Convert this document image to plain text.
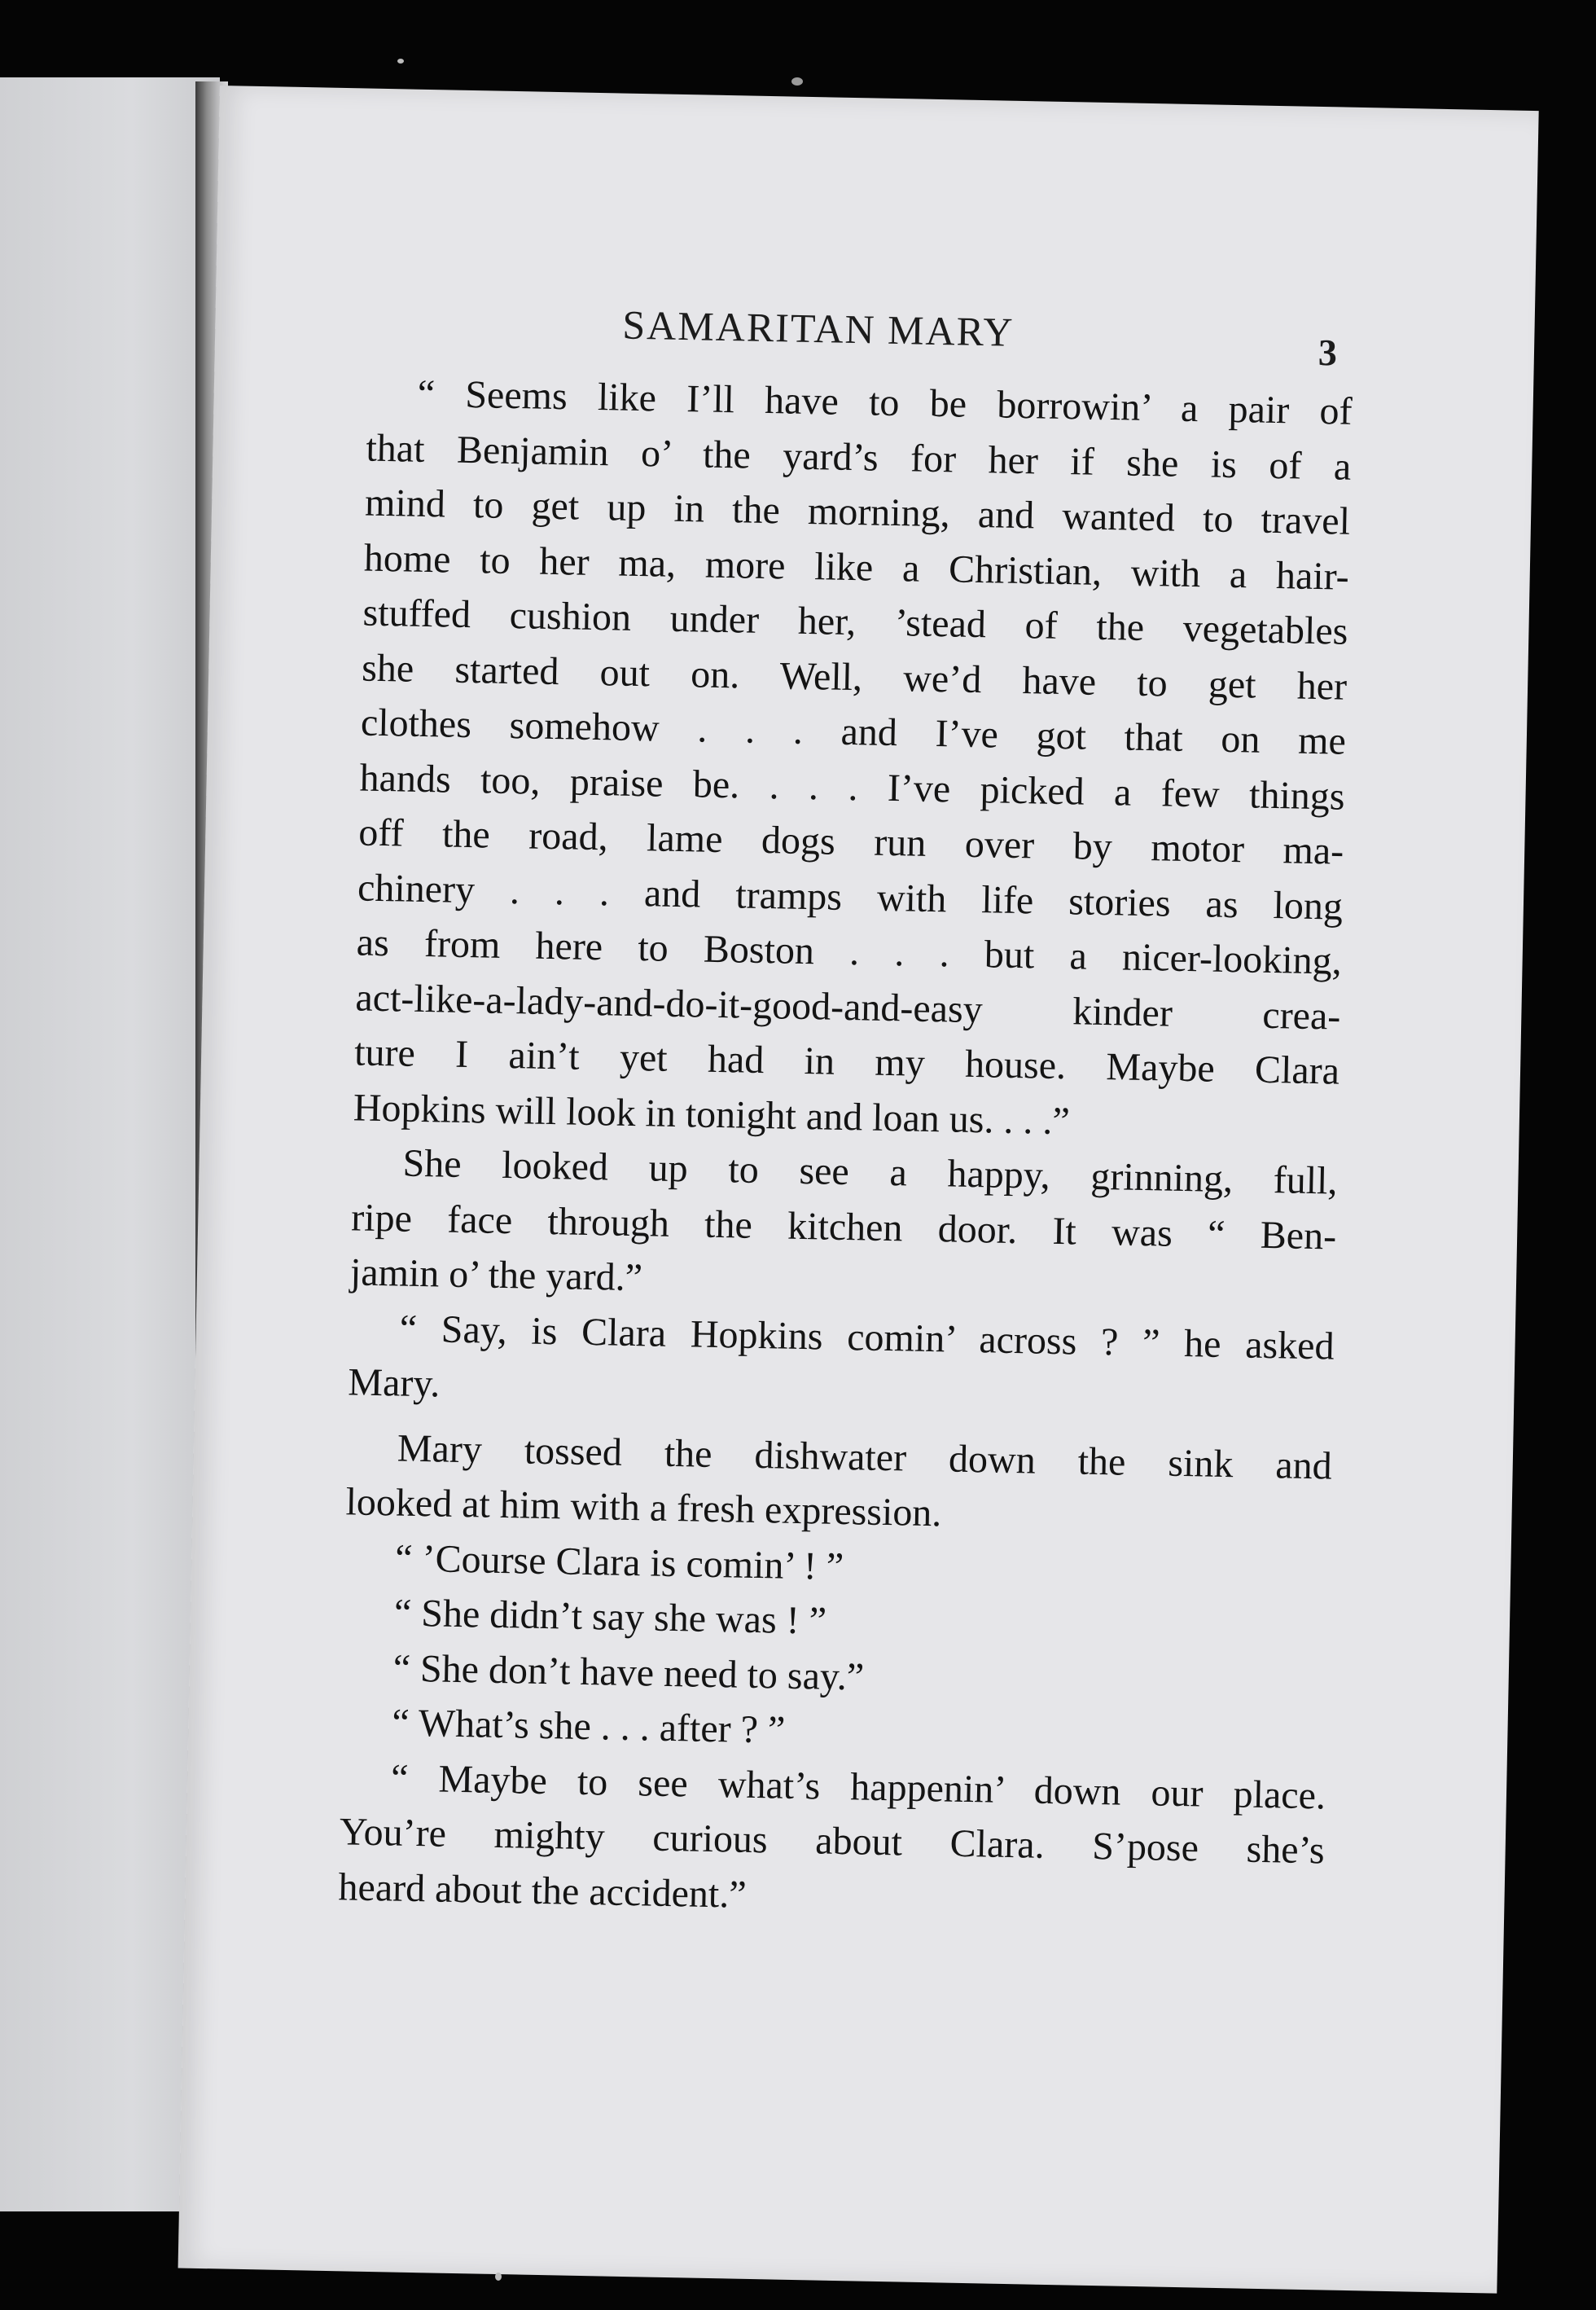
SAMARITAN MARY	3
“ Seems like I’ll have to be borrowin’ a pair of
that Benjamin o’ the yard’s for her if she is of a
mind to get up in the morning, and wanted to travel
home to her ma, more like a Christian, with a hair-
stuffed cushion under her, ’stead of the vegetables
she started out on. Well, we’d have to get her
clothes somehow . . . and I’ve got that on me
hands too, praise be. . . . I’ve picked a few things
off the road, lame dogs run over by motor ma-
chinery . . . and tramps with life stories as long
as from here to Boston . . . but a nicer-looking,
act-like-a-lady-and-do-it-good-and-easy kinder crea-
ture I ain’t yet had in my house. Maybe Clara
Hopkins will look in tonight and loan us. . . .”
She looked up to see a happy, grinning, full,
ripe face through the kitchen door. It was “ Ben-
jamin o’ the yard.”
“ Say, is Clara Hopkins comin’ across ? ” he asked
Mary.
Mary tossed the dishwater down the sink and
looked at him with a fresh expression.
“ ’Course Clara is comin’ ! ”
“ She didn’t say she was ! ”
“ She don’t have need to say.”
“ What’s she . . . after ? ”
“ Maybe to see what’s happenin’ down our place.
You’re mighty curious about Clara. S’pose she’s
heard about the accident.”
